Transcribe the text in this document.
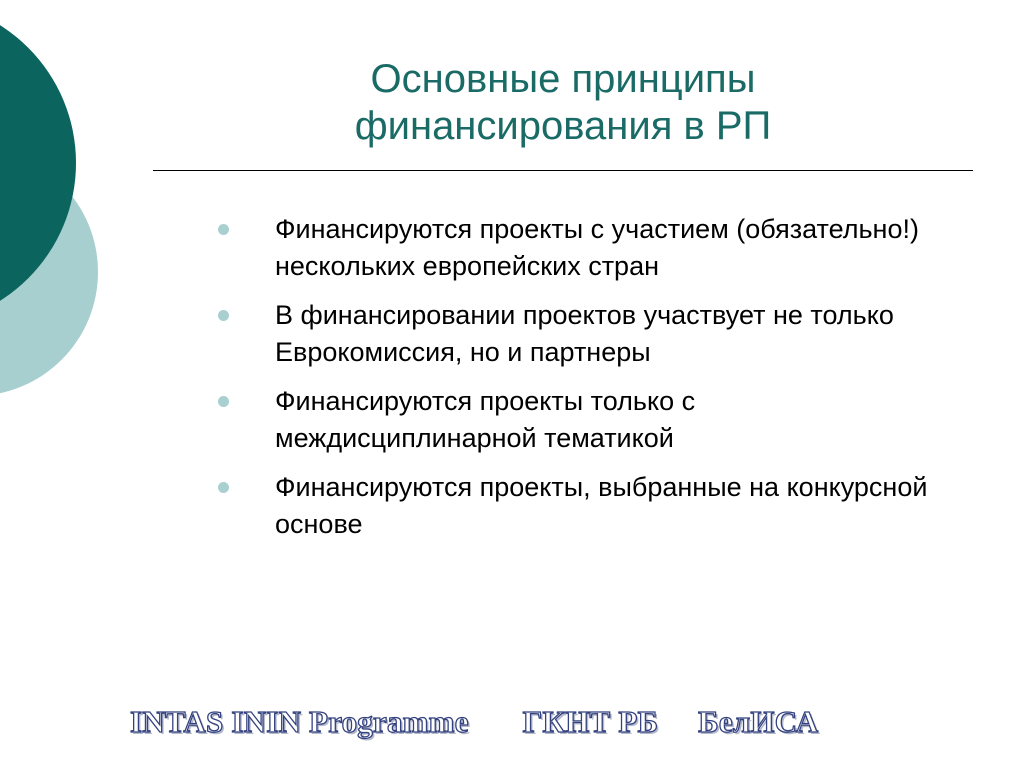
Основные принципы
финансирования в РП
Финансируются проекты с участием (обязательно!) нескольких европейских стран
В финансировании проектов участвует не только Еврокомиссия, но и партнеры
Финансируются проекты только с междисциплинарной тематикой
Финансируются проекты, выбранные на конкурсной основе
INTAS ININ Programme ГКНТ РБ БелИСА
